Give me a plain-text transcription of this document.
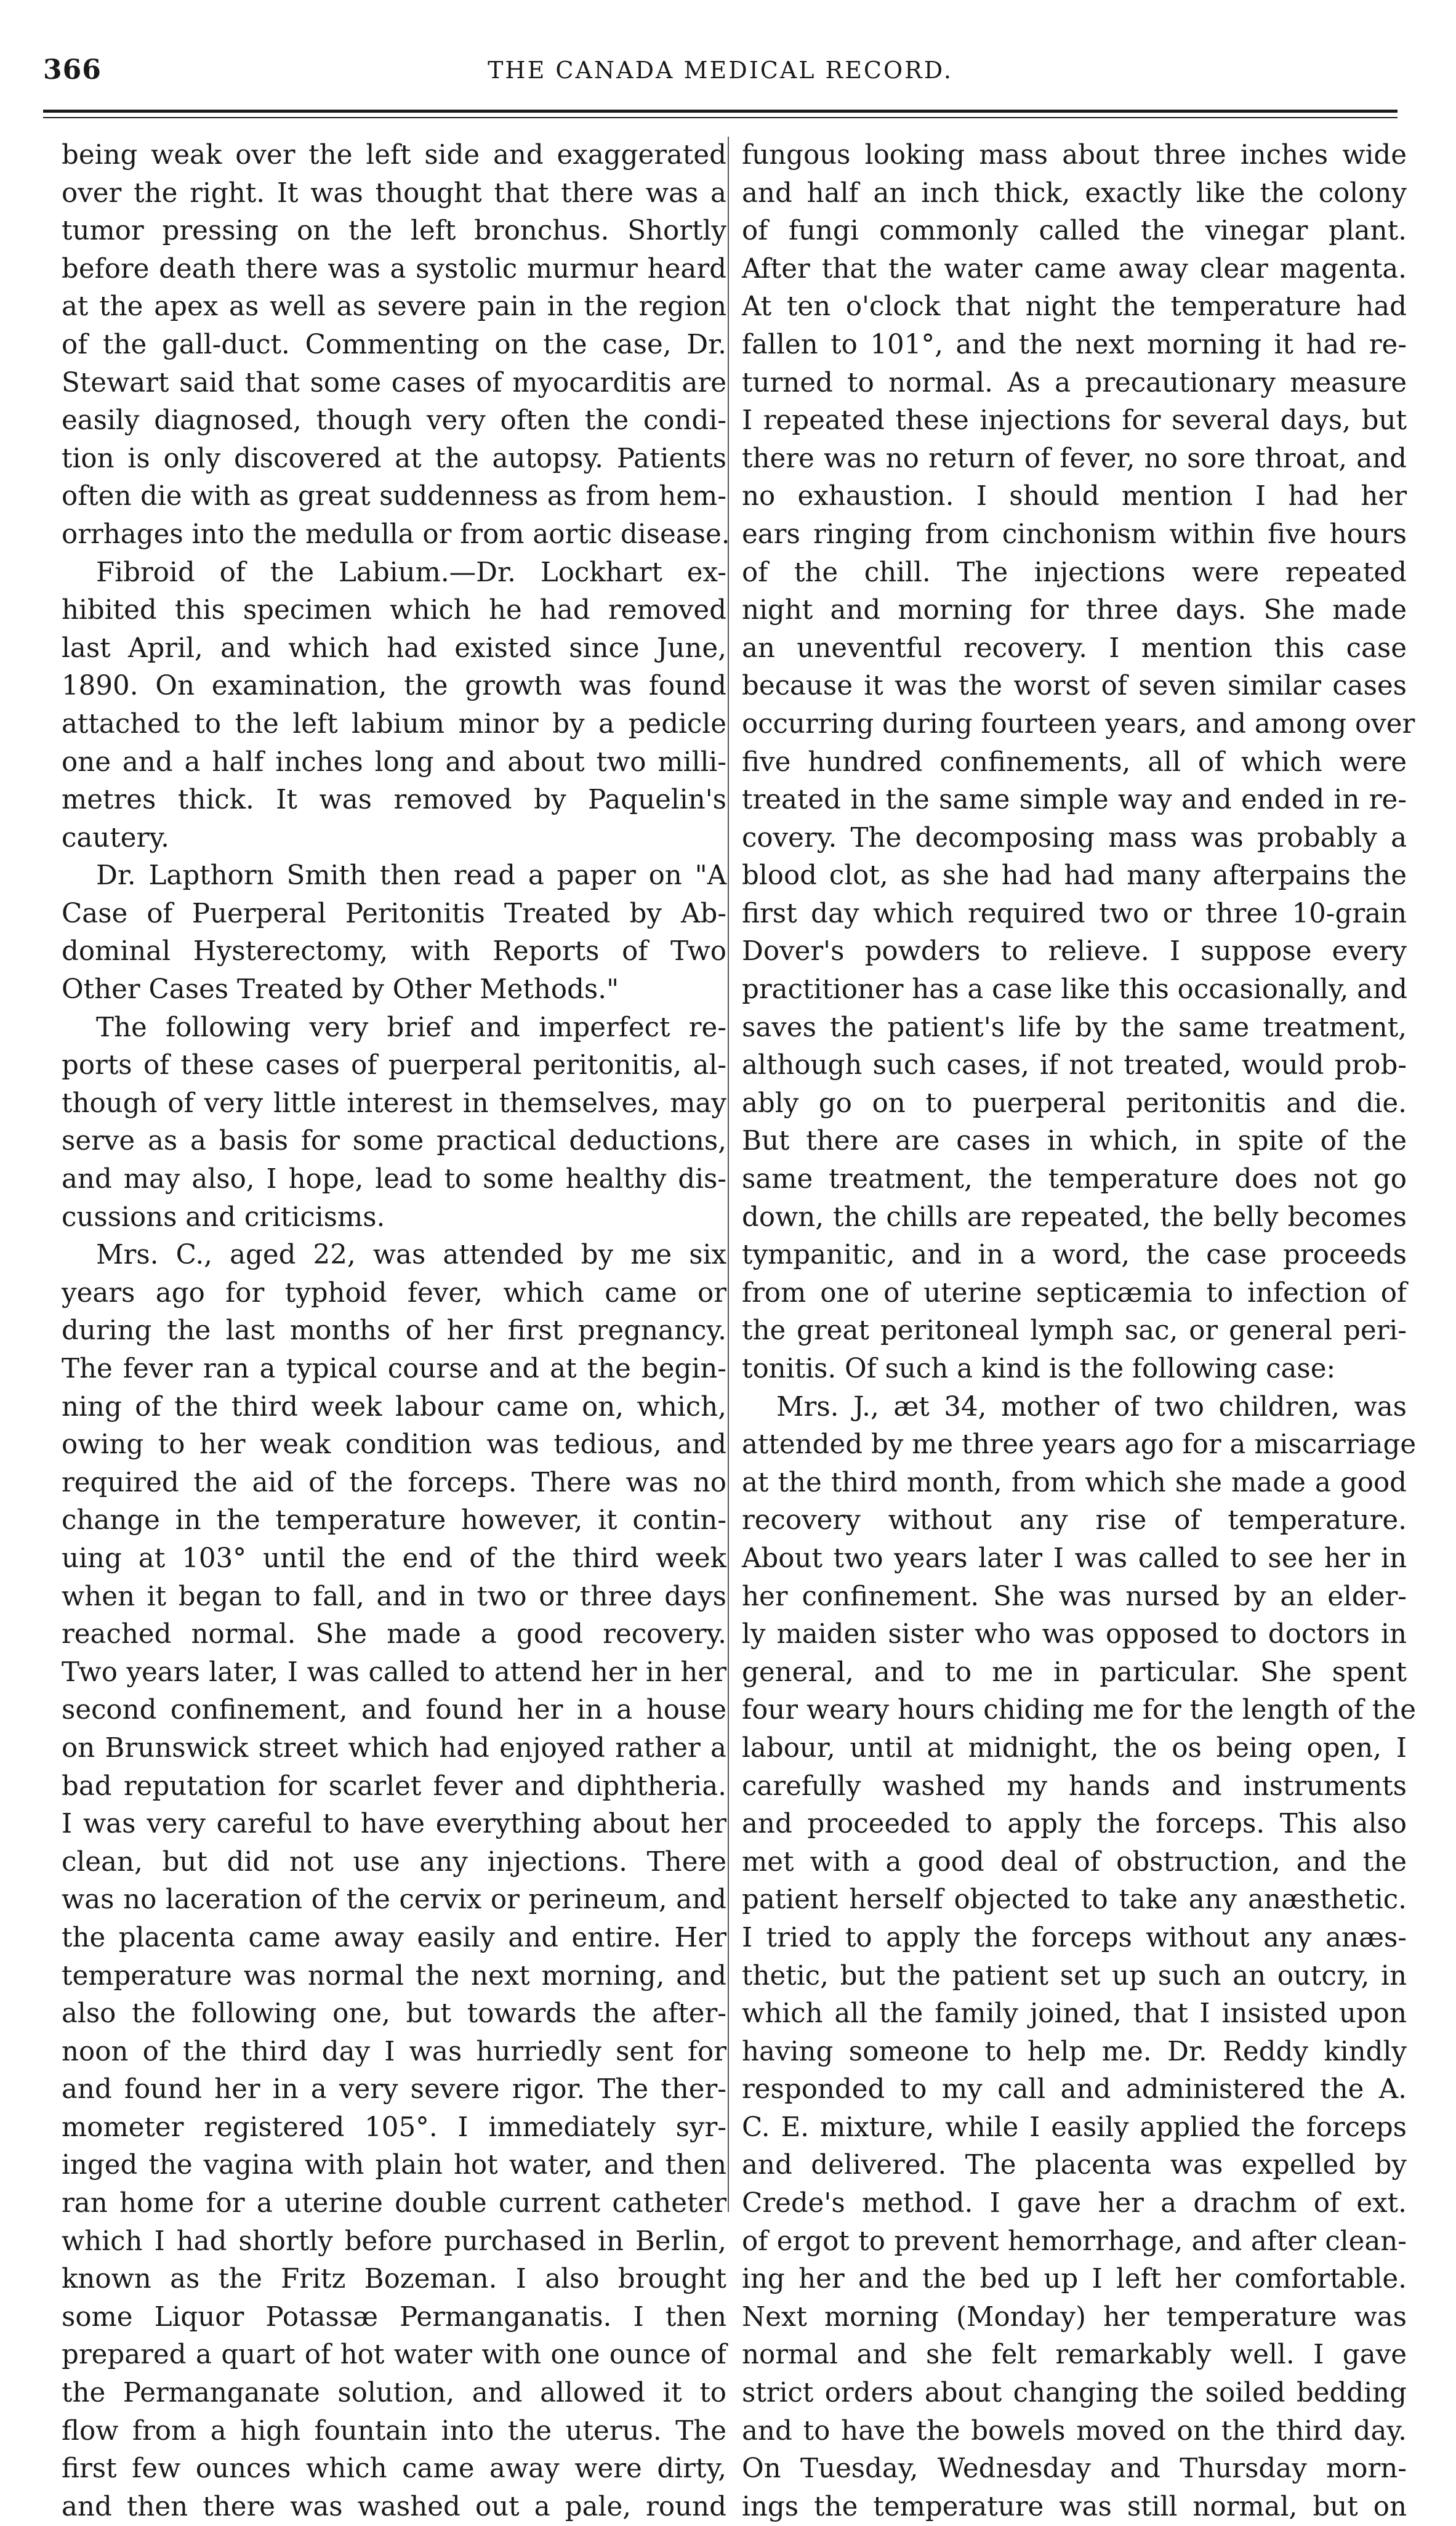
366	THE CANADA MEDICAL RECORD.
being weak over the left side and exaggerated
over the right. It was thought that there was a
tumor pressing on the left bronchus. Shortly
before death there was a systolic murmur heard
at the apex as well as severe pain in the region
of the gall-duct. Commenting on the case, Dr.
Stewart said that some cases of myocarditis are
easily diagnosed, though very often the condi-
tion is only discovered at the autopsy. Patients
often die with as great suddenness as from hem-
orrhages into the medulla or from aortic disease.
Fibroid of the Labium.—Dr. Lockhart ex-
hibited this specimen which he had removed
last April, and which had existed since June,
1890. On examination, the growth was found
attached to the left labium minor by a pedicle
one and a half inches long and about two milli-
metres thick. It was removed by Paquelin's
cautery.
Dr. Lapthorn Smith then read a paper on "A
Case of Puerperal Peritonitis Treated by Ab-
dominal Hysterectomy, with Reports of Two
Other Cases Treated by Other Methods."
The following very brief and imperfect re-
ports of these cases of puerperal peritonitis, al-
though of very little interest in themselves, may
serve as a basis for some practical deductions,
and may also, I hope, lead to some healthy dis-
cussions and criticisms.
Mrs. C., aged 22, was attended by me six
years ago for typhoid fever, which came or
during the last months of her first pregnancy.
The fever ran a typical course and at the begin-
ning of the third week labour came on, which,
owing to her weak condition was tedious, and
required the aid of the forceps. There was no
change in the temperature however, it contin-
uing at 103° until the end of the third week
when it began to fall, and in two or three days
reached normal. She made a good recovery.
Two years later, I was called to attend her in her
second confinement, and found her in a house
on Brunswick street which had enjoyed rather a
bad reputation for scarlet fever and diphtheria.
I was very careful to have everything about her
clean, but did not use any injections. There
was no laceration of the cervix or perineum, and
the placenta came away easily and entire. Her
temperature was normal the next morning, and
also the following one, but towards the after-
noon of the third day I was hurriedly sent for
and found her in a very severe rigor. The ther-
mometer registered 105°. I immediately syr-
inged the vagina with plain hot water, and then
ran home for a uterine double current catheter
which I had shortly before purchased in Berlin,
known as the Fritz Bozeman. I also brought
some Liquor Potassæ Permanganatis. I then
prepared a quart of hot water with one ounce of
the Permanganate solution, and allowed it to
flow from a high fountain into the uterus. The
first few ounces which came away were dirty,
and then there was washed out a pale, round
fungous looking mass about three inches wide
and half an inch thick, exactly like the colony
of fungi commonly called the vinegar plant.
After that the water came away clear magenta.
At ten o'clock that night the temperature had
fallen to 101°, and the next morning it had re-
turned to normal. As a precautionary measure
I repeated these injections for several days, but
there was no return of fever, no sore throat, and
no exhaustion. I should mention I had her
ears ringing from cinchonism within five hours
of the chill. The injections were repeated
night and morning for three days. She made
an uneventful recovery. I mention this case
because it was the worst of seven similar cases
occurring during fourteen years, and among over
five hundred confinements, all of which were
treated in the same simple way and ended in re-
covery. The decomposing mass was probably a
blood clot, as she had had many afterpains the
first day which required two or three 10-grain
Dover's powders to relieve. I suppose every
practitioner has a case like this occasionally, and
saves the patient's life by the same treatment,
although such cases, if not treated, would prob-
ably go on to puerperal peritonitis and die.
But there are cases in which, in spite of the
same treatment, the temperature does not go
down, the chills are repeated, the belly becomes
tympanitic, and in a word, the case proceeds
from one of uterine septicæmia to infection of
the great peritoneal lymph sac, or general peri-
tonitis. Of such a kind is the following case:
Mrs. J., æt 34, mother of two children, was
attended by me three years ago for a miscarriage
at the third month, from which she made a good
recovery without any rise of temperature.
About two years later I was called to see her in
her confinement. She was nursed by an elder-
ly maiden sister who was opposed to doctors in
general, and to me in particular. She spent
four weary hours chiding me for the length of the
labour, until at midnight, the os being open, I
carefully washed my hands and instruments
and proceeded to apply the forceps. This also
met with a good deal of obstruction, and the
patient herself objected to take any anæsthetic.
I tried to apply the forceps without any anæs-
thetic, but the patient set up such an outcry, in
which all the family joined, that I insisted upon
having someone to help me. Dr. Reddy kindly
responded to my call and administered the A.
C. E. mixture, while I easily applied the forceps
and delivered. The placenta was expelled by
Crede's method. I gave her a drachm of ext.
of ergot to prevent hemorrhage, and after clean-
ing her and the bed up I left her comfortable.
Next morning (Monday) her temperature was
normal and she felt remarkably well. I gave
strict orders about changing the soiled bedding
and to have the bowels moved on the third day.
On Tuesday, Wednesday and Thursday morn-
ings the temperature was still normal, but on
